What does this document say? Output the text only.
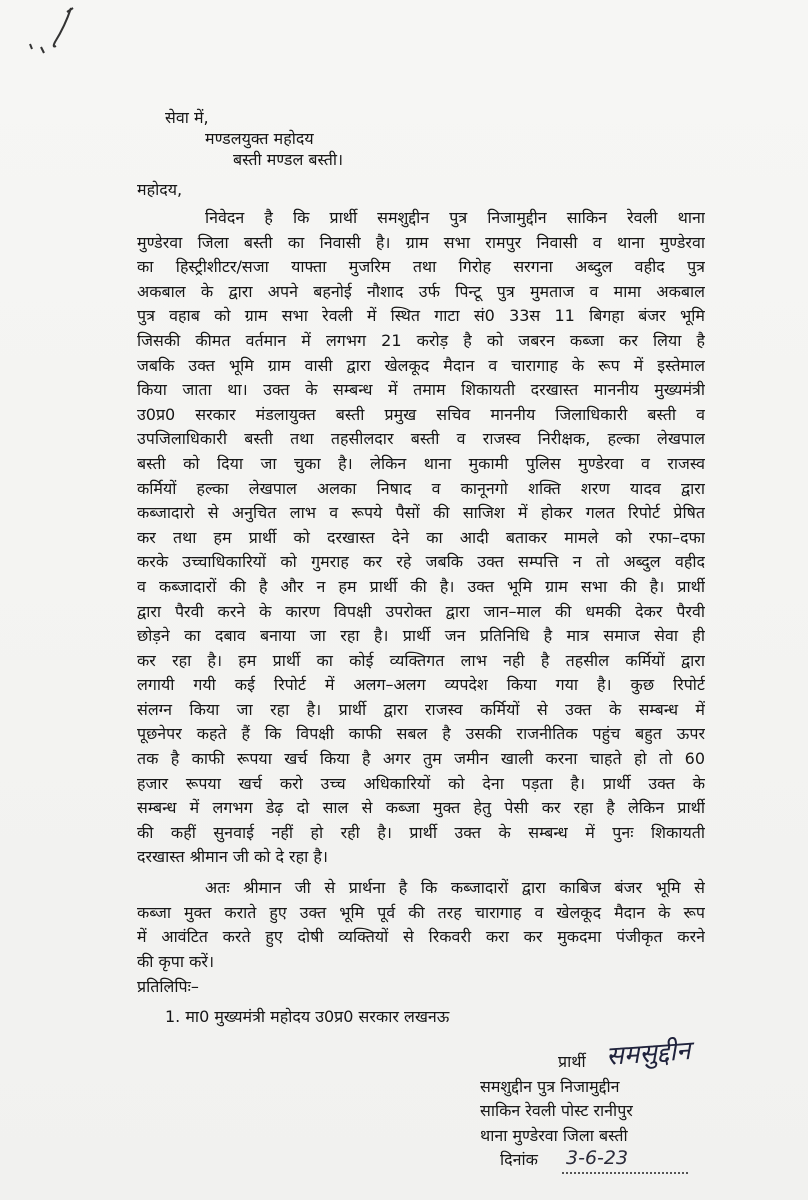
सेवा में,
मण्डलयुक्त महोदय
बस्ती मण्डल बस्ती।
महोदय,
निवेदन है कि प्रार्थी समशुद्दीन पुत्र निजामुद्दीन साकिन रेवली थाना
मुण्डेरवा जिला बस्ती का निवासी है। ग्राम सभा रामपुर निवासी व थाना मुण्डेरवा
का हिस्ट्रीशीटर/सजा याफ्ता मुजरिम तथा गिरोह सरगना अब्दुल वहीद पुत्र
अकबाल के द्वारा अपने बहनोई नौशाद उर्फ पिन्टू पुत्र मुमताज व मामा अकबाल
पुत्र वहाब को ग्राम सभा रेवली में स्थित गाटा सं0 33स 11 बिगहा बंजर भूमि
जिसकी कीमत वर्तमान में लगभग 21 करोड़ है को जबरन कब्जा कर लिया है
जबकि उक्त भूमि ग्राम वासी द्वारा खेलकूद मैदान व चारागाह के रूप में इस्तेमाल
किया जाता था। उक्त के सम्बन्ध में तमाम शिकायती दरखास्त माननीय मुख्यमंत्री
उ0प्र0 सरकार मंडलायुक्त बस्ती प्रमुख सचिव माननीय जिलाधिकारी बस्ती व
उपजिलाधिकारी बस्ती तथा तहसीलदार बस्ती व राजस्व निरीक्षक, हल्का लेखपाल
बस्ती को दिया जा चुका है। लेकिन थाना मुकामी पुलिस मुण्डेरवा व राजस्व
कर्मियों हल्का लेखपाल अलका निषाद व कानूनगो शक्ति शरण यादव द्वारा
कब्जादारो से अनुचित लाभ व रूपये पैसों की साजिश में होकर गलत रिपोर्ट प्रेषित
कर तथा हम प्रार्थी को दरखास्त देने का आदी बताकर मामले को रफा–दफा
करके उच्चाधिकारियों को गुमराह कर रहे जबकि उक्त सम्पत्ति न तो अब्दुल वहीद
व कब्जादारों की है और न हम प्रार्थी की है। उक्त भूमि ग्राम सभा की है। प्रार्थी
द्वारा पैरवी करने के कारण विपक्षी उपरोक्त द्वारा जान–माल की धमकी देकर पैरवी
छोड़ने का दबाव बनाया जा रहा है। प्रार्थी जन प्रतिनिधि है मात्र समाज सेवा ही
कर रहा है। हम प्रार्थी का कोई व्यक्तिगत लाभ नही है तहसील कर्मियों द्वारा
लगायी गयी कई रिपोर्ट में अलग–अलग व्यपदेश किया गया है। कुछ रिपोर्ट
संलग्न किया जा रहा है। प्रार्थी द्वारा राजस्व कर्मियों से उक्त के सम्बन्ध में
पूछनेपर कहते हैं कि विपक्षी काफी सबल है उसकी राजनीतिक पहुंच बहुत ऊपर
तक है काफी रूपया खर्च किया है अगर तुम जमीन खाली करना चाहते हो तो 60
हजार रूपया खर्च करो उच्च अधिकारियों को देना पड़ता है। प्रार्थी उक्त के
सम्बन्ध में लगभग डेढ़ दो साल से कब्जा मुक्त हेतु पेसी कर रहा है लेकिन प्रार्थी
की कहीं सुनवाई नहीं हो रही है। प्रार्थी उक्त के सम्बन्ध में पुनः शिकायती
दरखास्त श्रीमान जी को दे रहा है।
अतः श्रीमान जी से प्रार्थना है कि कब्जादारों द्वारा काबिज बंजर भूमि से
कब्जा मुक्त कराते हुए उक्त भूमि पूर्व की तरह चारागाह व खेलकूद मैदान के रूप
में आवंटित करते हुए दोषी व्यक्तियों से रिकवरी करा कर मुकदमा पंजीकृत करने
की कृपा करें।
प्रतिलिपिः–
1. मा0 मुख्यमंत्री महोदय उ0प्र0 सरकार लखनऊ
प्रार्थी समसुद्दीन
समशुद्दीन पुत्र निजामुद्दीन
साकिन रेवली पोस्ट रानीपुर
थाना मुण्डेरवा जिला बस्ती
दिनांक 3-6-23
